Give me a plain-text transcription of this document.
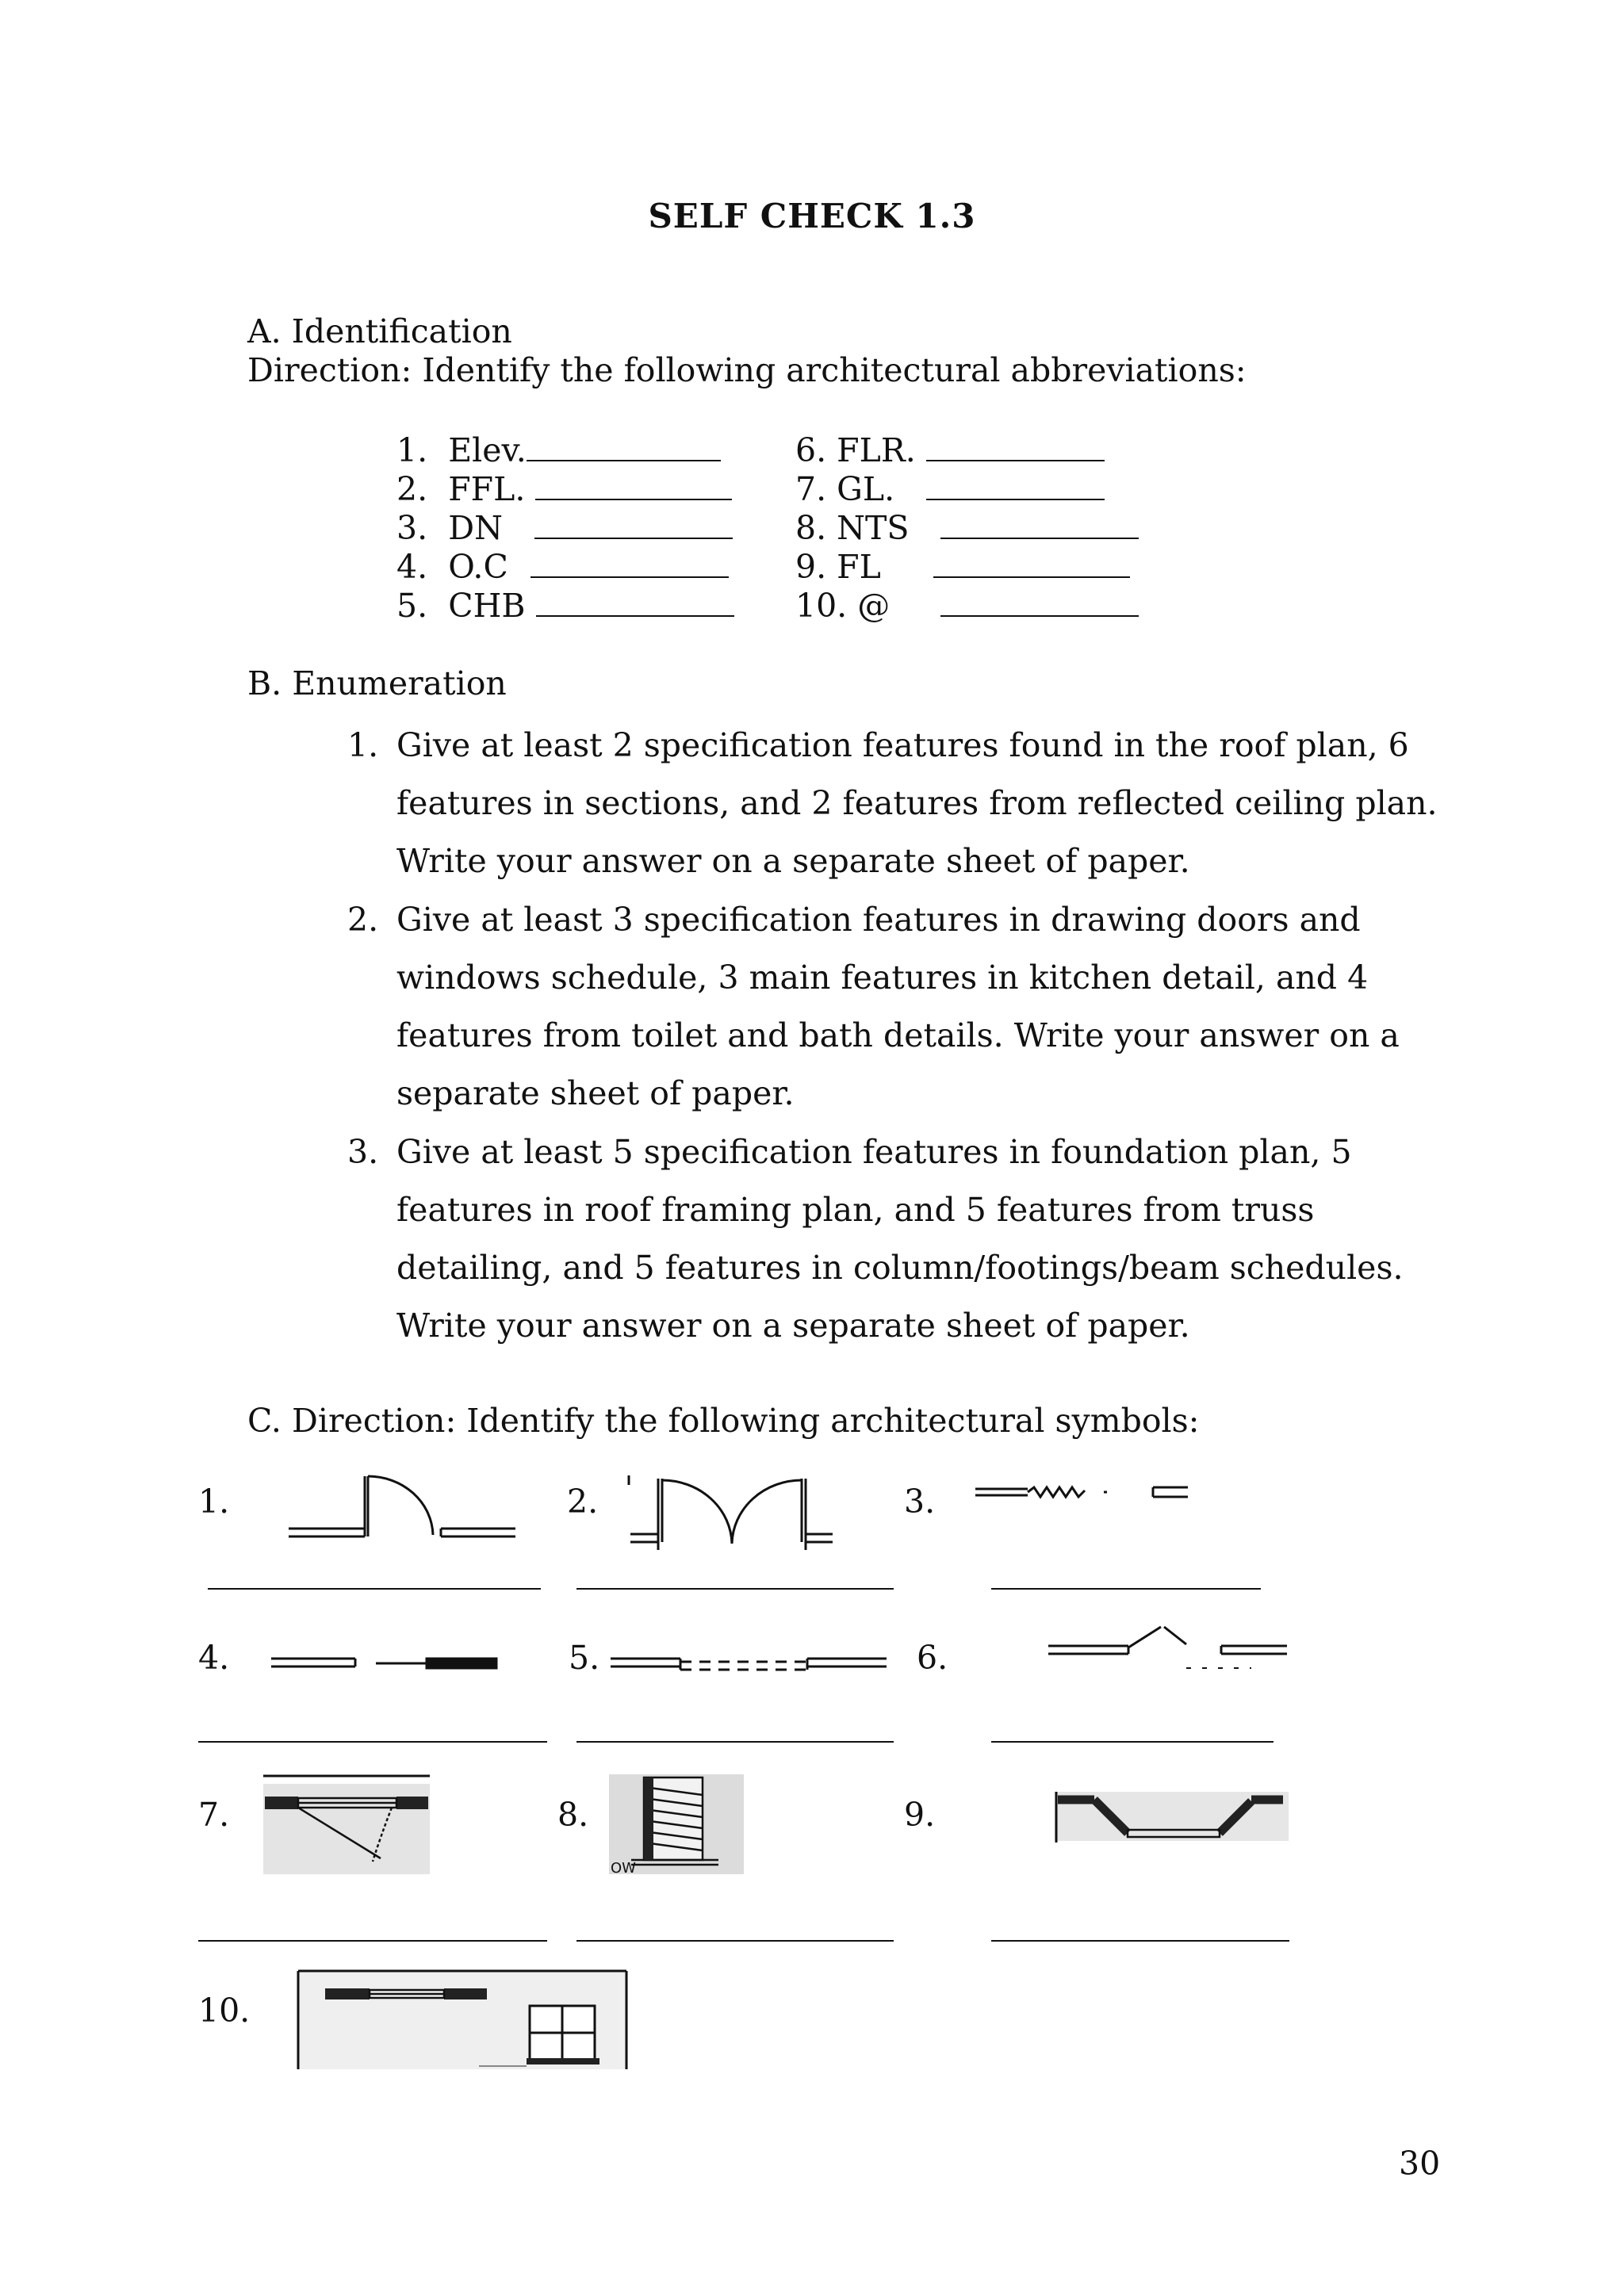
SELF CHECK 1.3
A. Identification
Direction: Identify the following architectural abbreviations:
1. Elev.
2. FFL.
3. DN
4. O.C
5. CHB
6. FLR.
7. GL.
8. NTS
9. FL
10. @
B. Enumeration
1. Give at least 2 specification features found in the roof plan, 6
features in sections, and 2 features from reflected ceiling plan.
Write your answer on a separate sheet of paper.
2. Give at least 3 specification features in drawing doors and
windows schedule, 3 main features in kitchen detail, and 4
features from toilet and bath details. Write your answer on a
separate sheet of paper.
3. Give at least 5 specification features in foundation plan, 5
features in roof framing plan, and 5 features from truss
detailing, and 5 features in column/footings/beam schedules.
Write your answer on a separate sheet of paper.
C. Direction: Identify the following architectural symbols:
1.	2.	3.
4.	5.	6.
7.	8.	9.
OW
10.
30
